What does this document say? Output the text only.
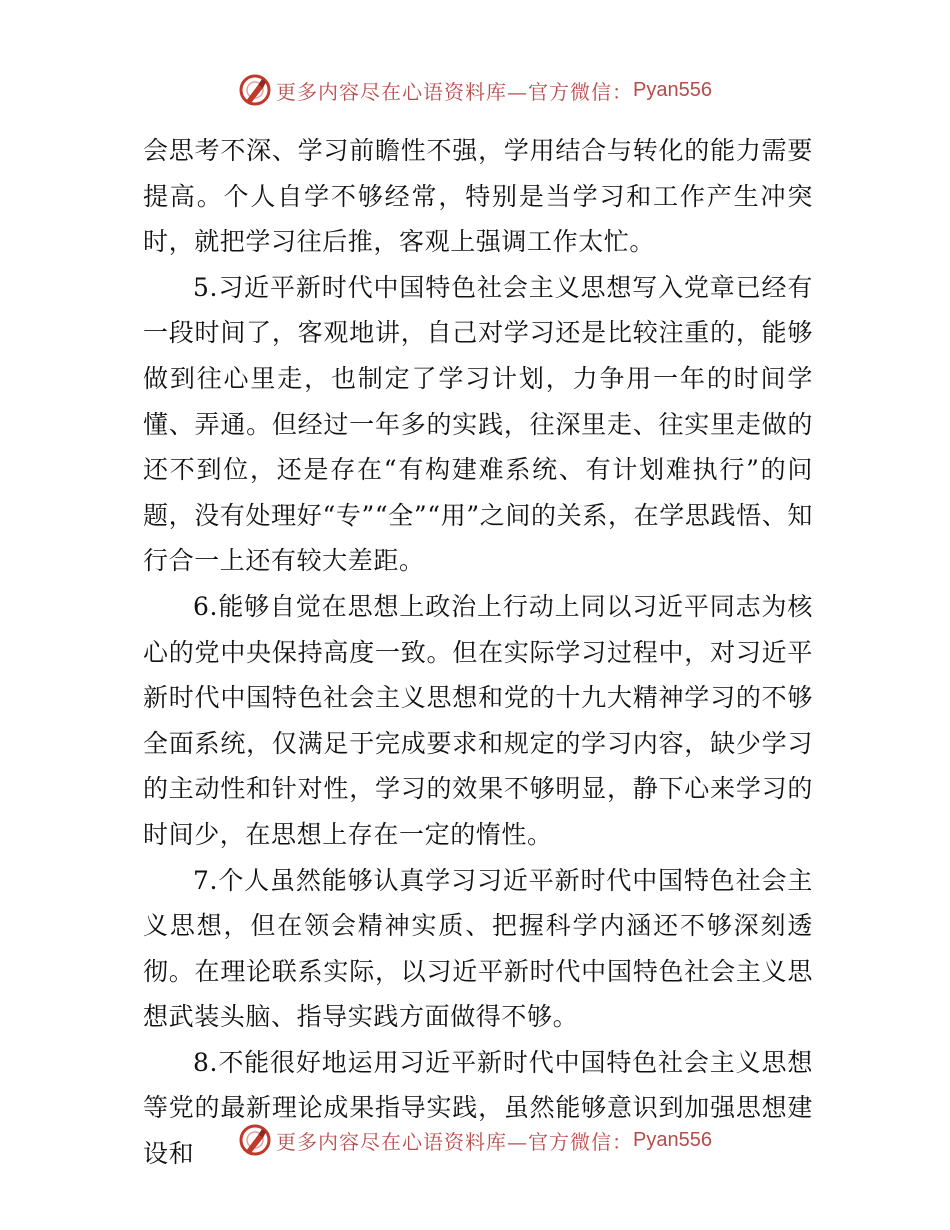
更多内容尽在心语资料库—官方微信： Pyan556

会思考不深、学习前瞻性不强，学用结合与转化的能力需要提高。个人自学不够经常，特别是当学习和工作产生冲突时，就把学习往后推，客观上强调工作太忙。

5.习近平新时代中国特色社会主义思想写入党章已经有一段时间了，客观地讲，自己对学习还是比较注重的，能够做到往心里走，也制定了学习计划，力争用一年的时间学懂、弄通。但经过一年多的实践，往深里走、往实里走做的还不到位，还是存在“有构建难系统、有计划难执行”的问题，没有处理好“专”“全”“用”之间的关系，在学思践悟、知行合一上还有较大差距。

6.能够自觉在思想上政治上行动上同以习近平同志为核心的党中央保持高度一致。但在实际学习过程中，对习近平新时代中国特色社会主义思想和党的十九大精神学习的不够全面系统，仅满足于完成要求和规定的学习内容，缺少学习的主动性和针对性，学习的效果不够明显，静下心来学习的时间少，在思想上存在一定的惰性。

7.个人虽然能够认真学习习近平新时代中国特色社会主义思想，但在领会精神实质、把握科学内涵还不够深刻透彻。在理论联系实际，以习近平新时代中国特色社会主义思想武装头脑、指导实践方面做得不够。

8.不能很好地运用习近平新时代中国特色社会主义思想等党的最新理论成果指导实践，虽然能够意识到加强思想建设和	更多内容尽在心语资料库—官方微信： Pyan556
